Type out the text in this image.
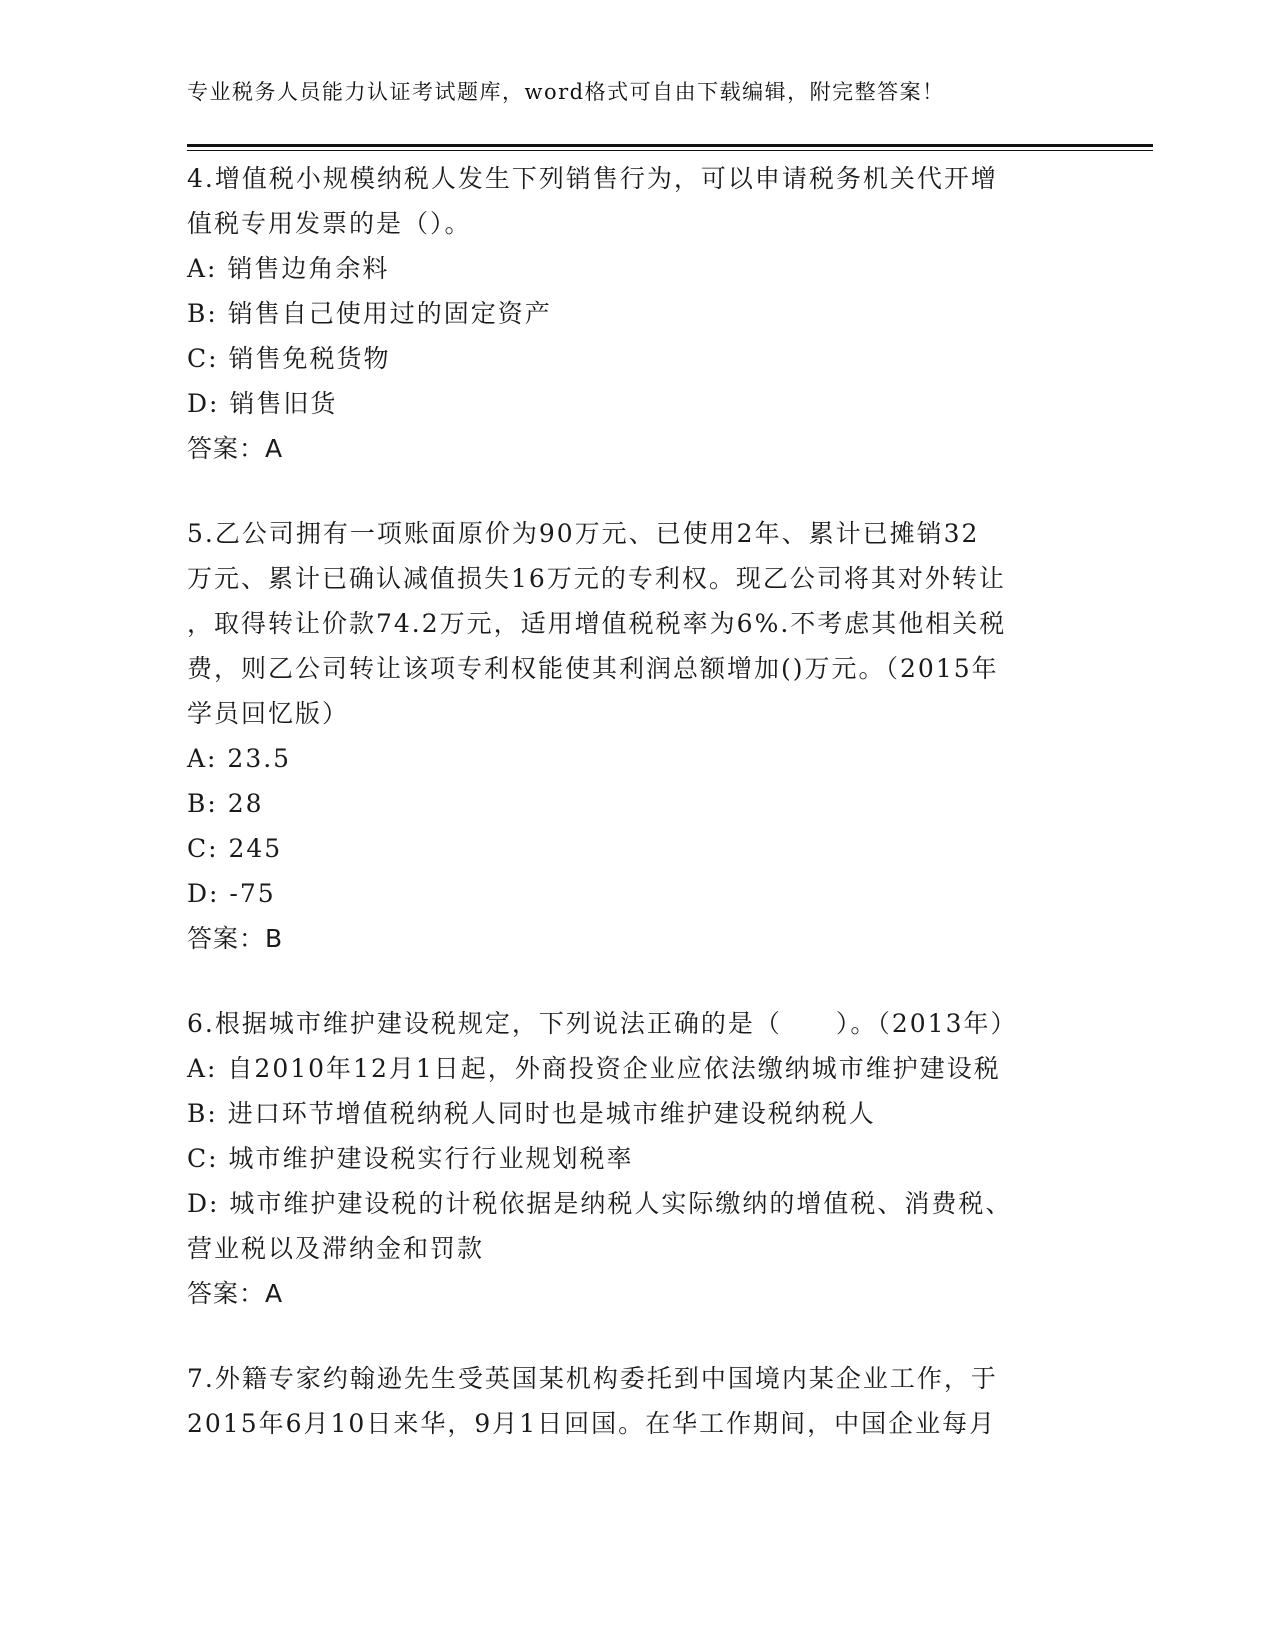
专业税务人员能力认证考试题库，word格式可自由下载编辑，附完整答案！

4.增值税小规模纳税人发生下列销售行为，可以申请税务机关代开增

值税专用发票的是（）。

A: 销售边角余料

B: 销售自己使用过的固定资产

C: 销售免税货物

D: 销售旧货

答案：A

5.乙公司拥有一项账面原价为90万元、已使用2年、累计已摊销32

万元、累计已确认减值损失16万元的专利权。现乙公司将其对外转让

，取得转让价款74.2万元，适用增值税税率为6%.不考虑其他相关税

费，则乙公司转让该项专利权能使其利润总额增加()万元。（2015年

学员回忆版）

A: 23.5

B: 28

C: 245

D: -75

答案：B

6.根据城市维护建设税规定，下列说法正确的是（　　）。（2013年）

A: 自2010年12月1日起，外商投资企业应依法缴纳城市维护建设税

B: 进口环节增值税纳税人同时也是城市维护建设税纳税人

C: 城市维护建设税实行行业规划税率

D: 城市维护建设税的计税依据是纳税人实际缴纳的增值税、消费税、

营业税以及滞纳金和罚款

答案：A

7.外籍专家约翰逊先生受英国某机构委托到中国境内某企业工作，于

2015年6月10日来华，9月1日回国。在华工作期间，中国企业每月
